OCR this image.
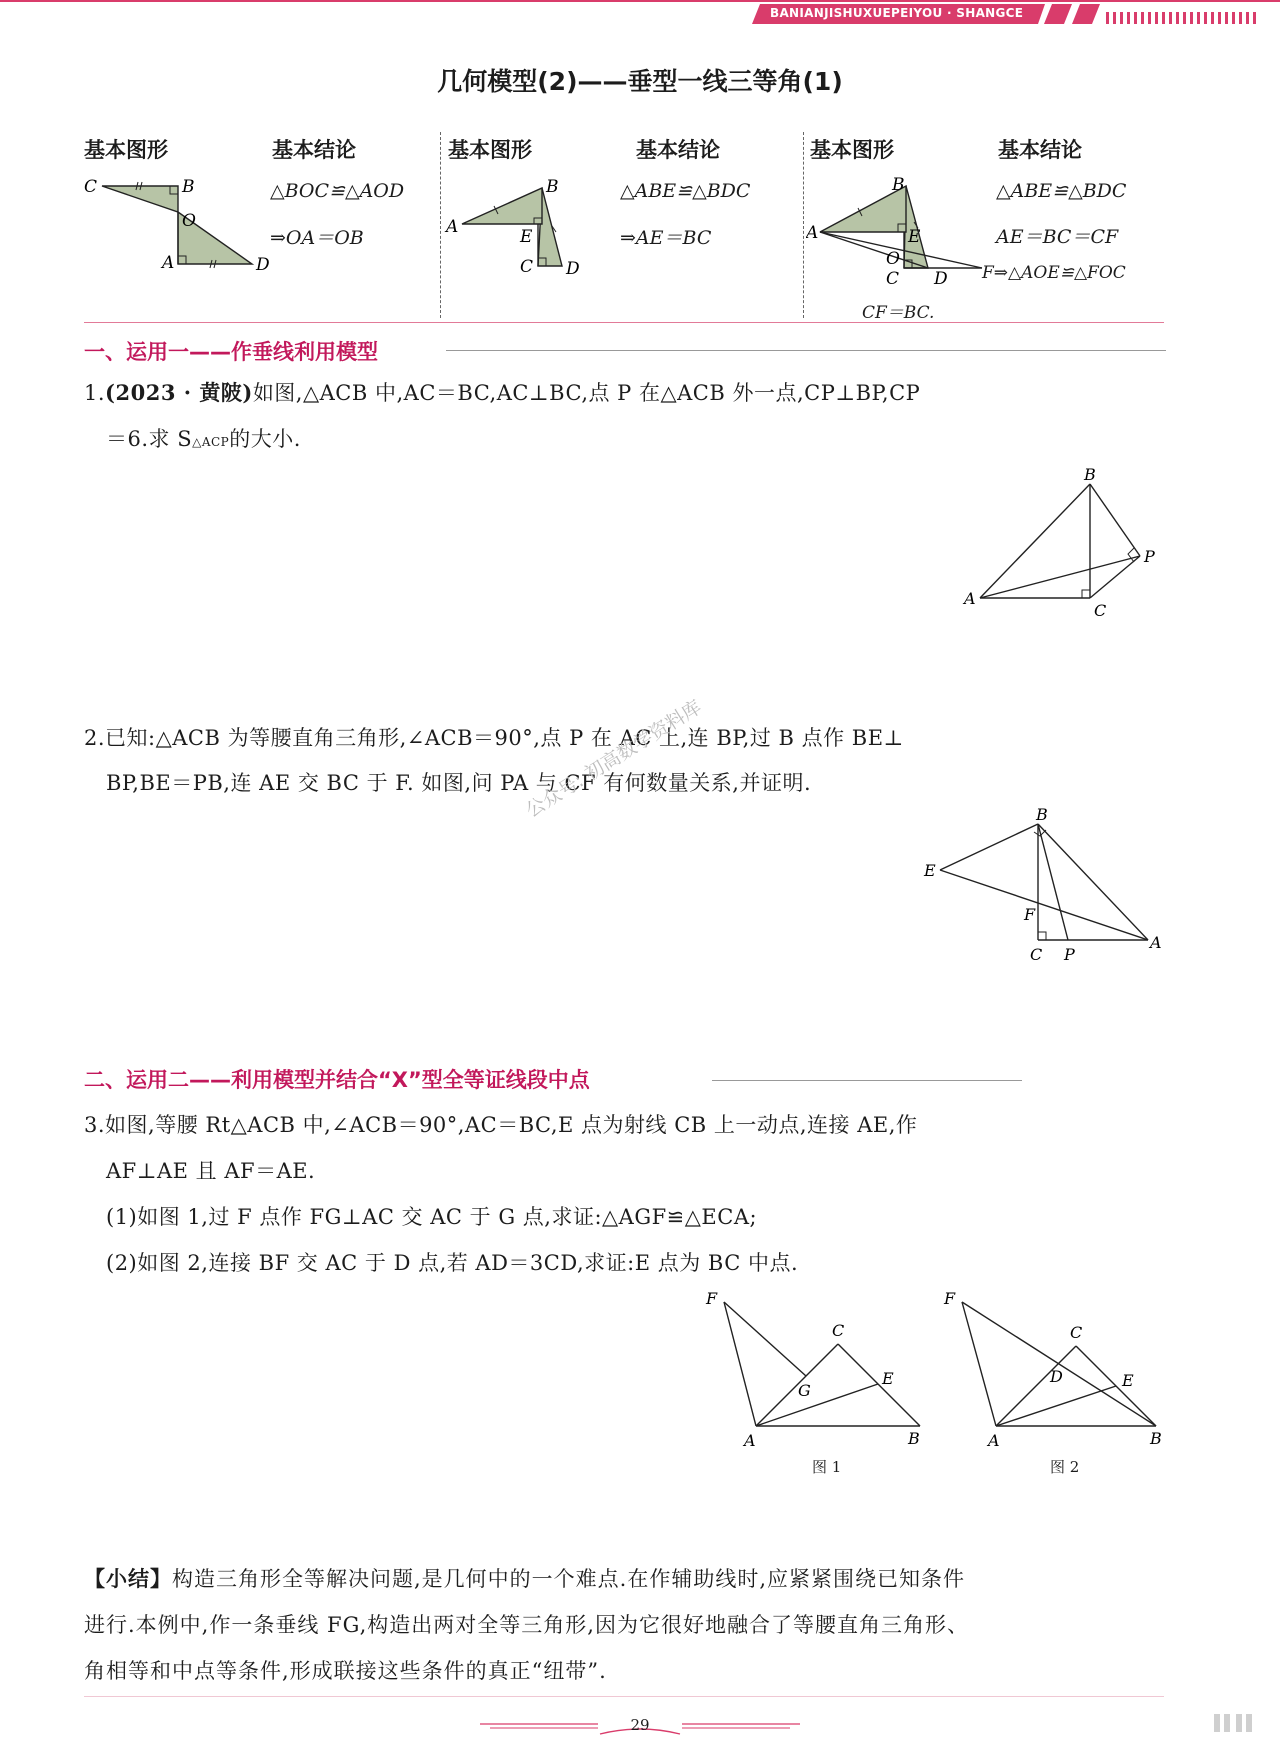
BANIANJISHUXUEPEIYOU · SHANGCE
几何模型(2)——垂型一线三等角(1)
基本图形	基本结论
△BOC≌△AOD
⇒OA＝OB
基本图形	基本结论
△ABE≌△BDC
⇒AE＝BC
基本图形	基本结论
△ABE≌△BDC
AE＝BC＝CF
F⇒△AOE≌△FOC
CF＝BC.
C	B
O
A	D
A
B
E
C D
A
B
E
O
C D
一、运用一——作垂线利用模型
1.(2023 · 黄陂)如图,△ACB 中,AC＝BC,AC⊥BC,点 P 在△ACB 外一点,CP⊥BP,CP
＝6.求 S△ACP的大小.
B
P
A
C
2.已知:△ACB 为等腰直角三角形,∠ACB＝90°,点 P 在 AC 上,连 BP,过 B 点作 BE⊥
BP,BE＝PB,连 AE 交 BC 于 F. 如图,问 PA 与 CF 有何数量关系,并证明.
B
E
F
C P
A
公众号: 初高数学资料库
二、运用二——利用模型并结合“X”型全等证线段中点
3.如图,等腰 Rt△ACB 中,∠ACB＝90°,AC＝BC,E 点为射线 CB 上一动点,连接 AE,作
AF⊥AE 且 AF＝AE.
(1)如图 1,过 F 点作 FG⊥AC 交 AC 于 G 点,求证:△AGF≌△ECA;
(2)如图 2,连接 BF 交 AC 于 D 点,若 AD＝3CD,求证:E 点为 BC 中点.
F
C
G
E
A	B
图 1
F
C
D	E
A	B
图 2
【小结】构造三角形全等解决问题,是几何中的一个难点.在作辅助线时,应紧紧围绕已知条件
进行.本例中,作一条垂线 FG,构造出两对全等三角形,因为它很好地融合了等腰直角三角形、
角相等和中点等条件,形成联接这些条件的真正“纽带”.
29
